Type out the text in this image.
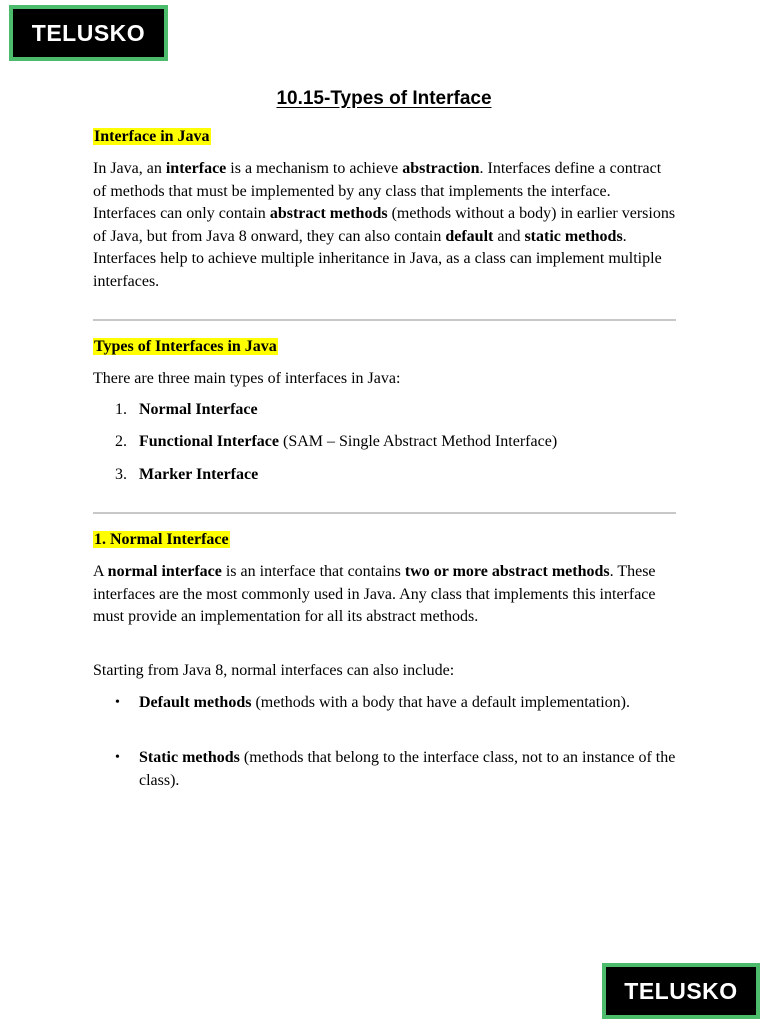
TELUSKO
10.15-Types of Interface
Interface in Java
In Java, an interface is a mechanism to achieve abstraction. Interfaces define a contract of methods that must be implemented by any class that implements the interface. Interfaces can only contain abstract methods (methods without a body) in earlier versions of Java, but from Java 8 onward, they can also contain default and static methods. Interfaces help to achieve multiple inheritance in Java, as a class can implement multiple interfaces.
Types of Interfaces in Java
There are three main types of interfaces in Java:
1. Normal Interface
2. Functional Interface (SAM – Single Abstract Method Interface)
3. Marker Interface
1. Normal Interface
A normal interface is an interface that contains two or more abstract methods. These interfaces are the most commonly used in Java. Any class that implements this interface must provide an implementation for all its abstract methods.
Starting from Java 8, normal interfaces can also include:
• Default methods (methods with a body that have a default implementation).
• Static methods (methods that belong to the interface class, not to an instance of the class).
TELUSKO
